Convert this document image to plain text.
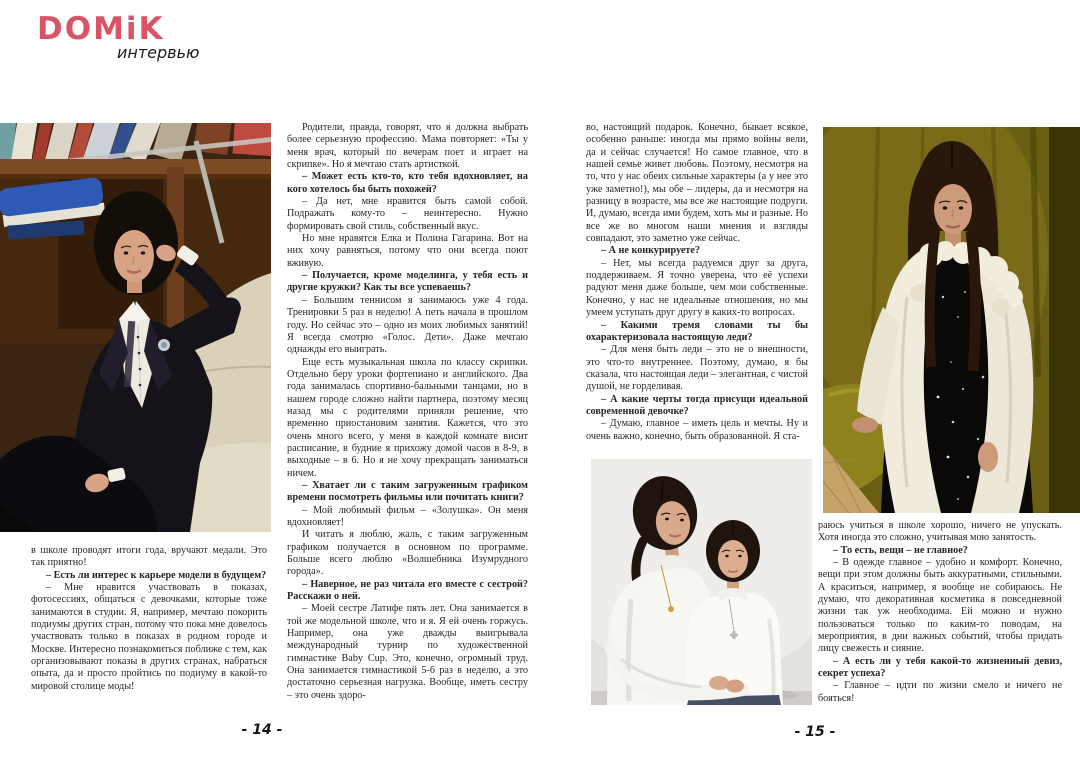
DOMiK
интервью

в школе проводят итоги года, вручают медали. Это так приятно!

– Есть ли интерес к карьере модели в будущем?

– Мне нравится участвовать в показах, фотосессиях, общаться с девочками, которые тоже занимаются в студии. Я, например, мечтаю покорить подиумы других стран, потому что пока мне довелось участвовать только в показах в родном городе и Москве. Интересно познакомиться поближе с тем, как организовывают показы в других странах, набраться опыта, да и просто пройтись по подиуму в какой-то мировой столице моды!

Родители, правда, говорят, что я должна выбрать более серьезную профессию. Мама повторяет: «Ты у меня врач, который по вечерам поет и играет на скрипке». Но я мечтаю стать артисткой.

– Может есть кто-то, кто тебя вдохновляет, на кого хотелось бы быть похожей?

– Да нет, мне нравится быть самой собой. Подражать кому-то – неинтересно. Нужно формировать свой стиль, собственный вкус.

Но мне нравятся Елка и Полина Гагарина. Вот на них хочу равняться, потому что они всегда поют вживую.

– Получается, кроме моделинга, у тебя есть и другие кружки? Как ты все успеваешь?

– Большим теннисом я занимаюсь уже 4 года. Тренировки 5 раз в неделю! А петь начала в прошлом году. Но сейчас это – одно из моих любимых занятий! Я всегда смотрю «Голос. Дети». Даже мечтаю однажды его выиграть.

Еще есть музыкальная школа по классу скрипки. Отдельно беру уроки фортепиано и английского. Два года занималась спортивно-бальными танцами, но в нашем городе сложно найти партнера, поэтому месяц назад мы с родителями приняли решение, что временно приостановим занятия. Кажется, что это очень много всего, у меня в каждой комнате висит расписание, в будние я прихожу домой часов в 8-9, в выходные – в 6. Но я не хочу прекращать заниматься ничем.

– Хватает ли с таким загруженным графиком времени посмотреть фильмы или почитать книги?

– Мой любимый фильм – «Золушка». Он меня вдохновляет!

И читать я люблю, жаль, с таким загруженным графиком получается в основном по программе. Больше всего люблю «Волшебника Изумрудного города».

– Наверное, не раз читала его вместе с сестрой? Расскажи о ней.

– Моей сестре Латифе пять лет. Она занимается в той же модельной школе, что и я. Я ей очень горжусь. Например, она уже дважды выигрывала международный турнир по художественной гимнастике Baby Cup. Это, конечно, огромный труд. Она занимается гимнастикой 5-6 раз в неделю, а это достаточно серьезная нагрузка. Вообще, иметь сестру – это очень здоро-

- 14 -

во, настоящий подарок. Конечно, бывает всякое, особенно раньше: иногда мы прямо войны вели, да и сейчас случается! Но самое главное, что в нашей семье живет любовь. Поэтому, несмотря на то, что у нас обеих сильные характеры (а у нее это уже заметно!), мы обе – лидеры, да и несмотря на разницу в возрасте, мы все же настоящие подруги. И, думаю, всегда ими будем, хоть мы и разные. Но все же во многом наши мнения и взгляды совпадают, это заметно уже сейчас.

– А не конкурируете?

– Нет, мы всегда радуемся друг за друга, поддерживаем. Я точно уверена, что её успехи радуют меня даже больше, чем мои собственные. Конечно, у нас не идеальные отношения, но мы умеем уступать друг другу в каких-то вопросах.

– Какими тремя словами ты бы охарактеризовала настоящую леди?

– Для меня быть леди – это не о внешности, это что-то внутреннее. Поэтому, думаю, я бы сказала, что настоящая леди – элегантная, с чистой душой, не горделивая.

– А какие черты тогда присущи идеальной современной девочке?

– Думаю, главное – иметь цель и мечты. Ну и очень важно, конечно, быть образованной. Я ста-

раюсь учиться в школе хорошо, ничего не упускать. Хотя иногда это сложно, учитывая мою занятость.

– То есть, вещи – не главное?

– В одежде главное – удобно и комфорт. Конечно, вещи при этом должны быть аккуратными, стильными. А краситься, например, я вообще не собираюсь. Не думаю, что декоративная косметика в повседневной жизни так уж необходима. Ей можно и нужно пользоваться только по каким-то поводам, на мероприятия, в дни важных событий, чтобы придать лицу свежесть и сияние.

– А есть ли у тебя какой-то жизненный девиз, секрет успеха?

– Главное – идти по жизни смело и ничего не бояться!

- 15 -
